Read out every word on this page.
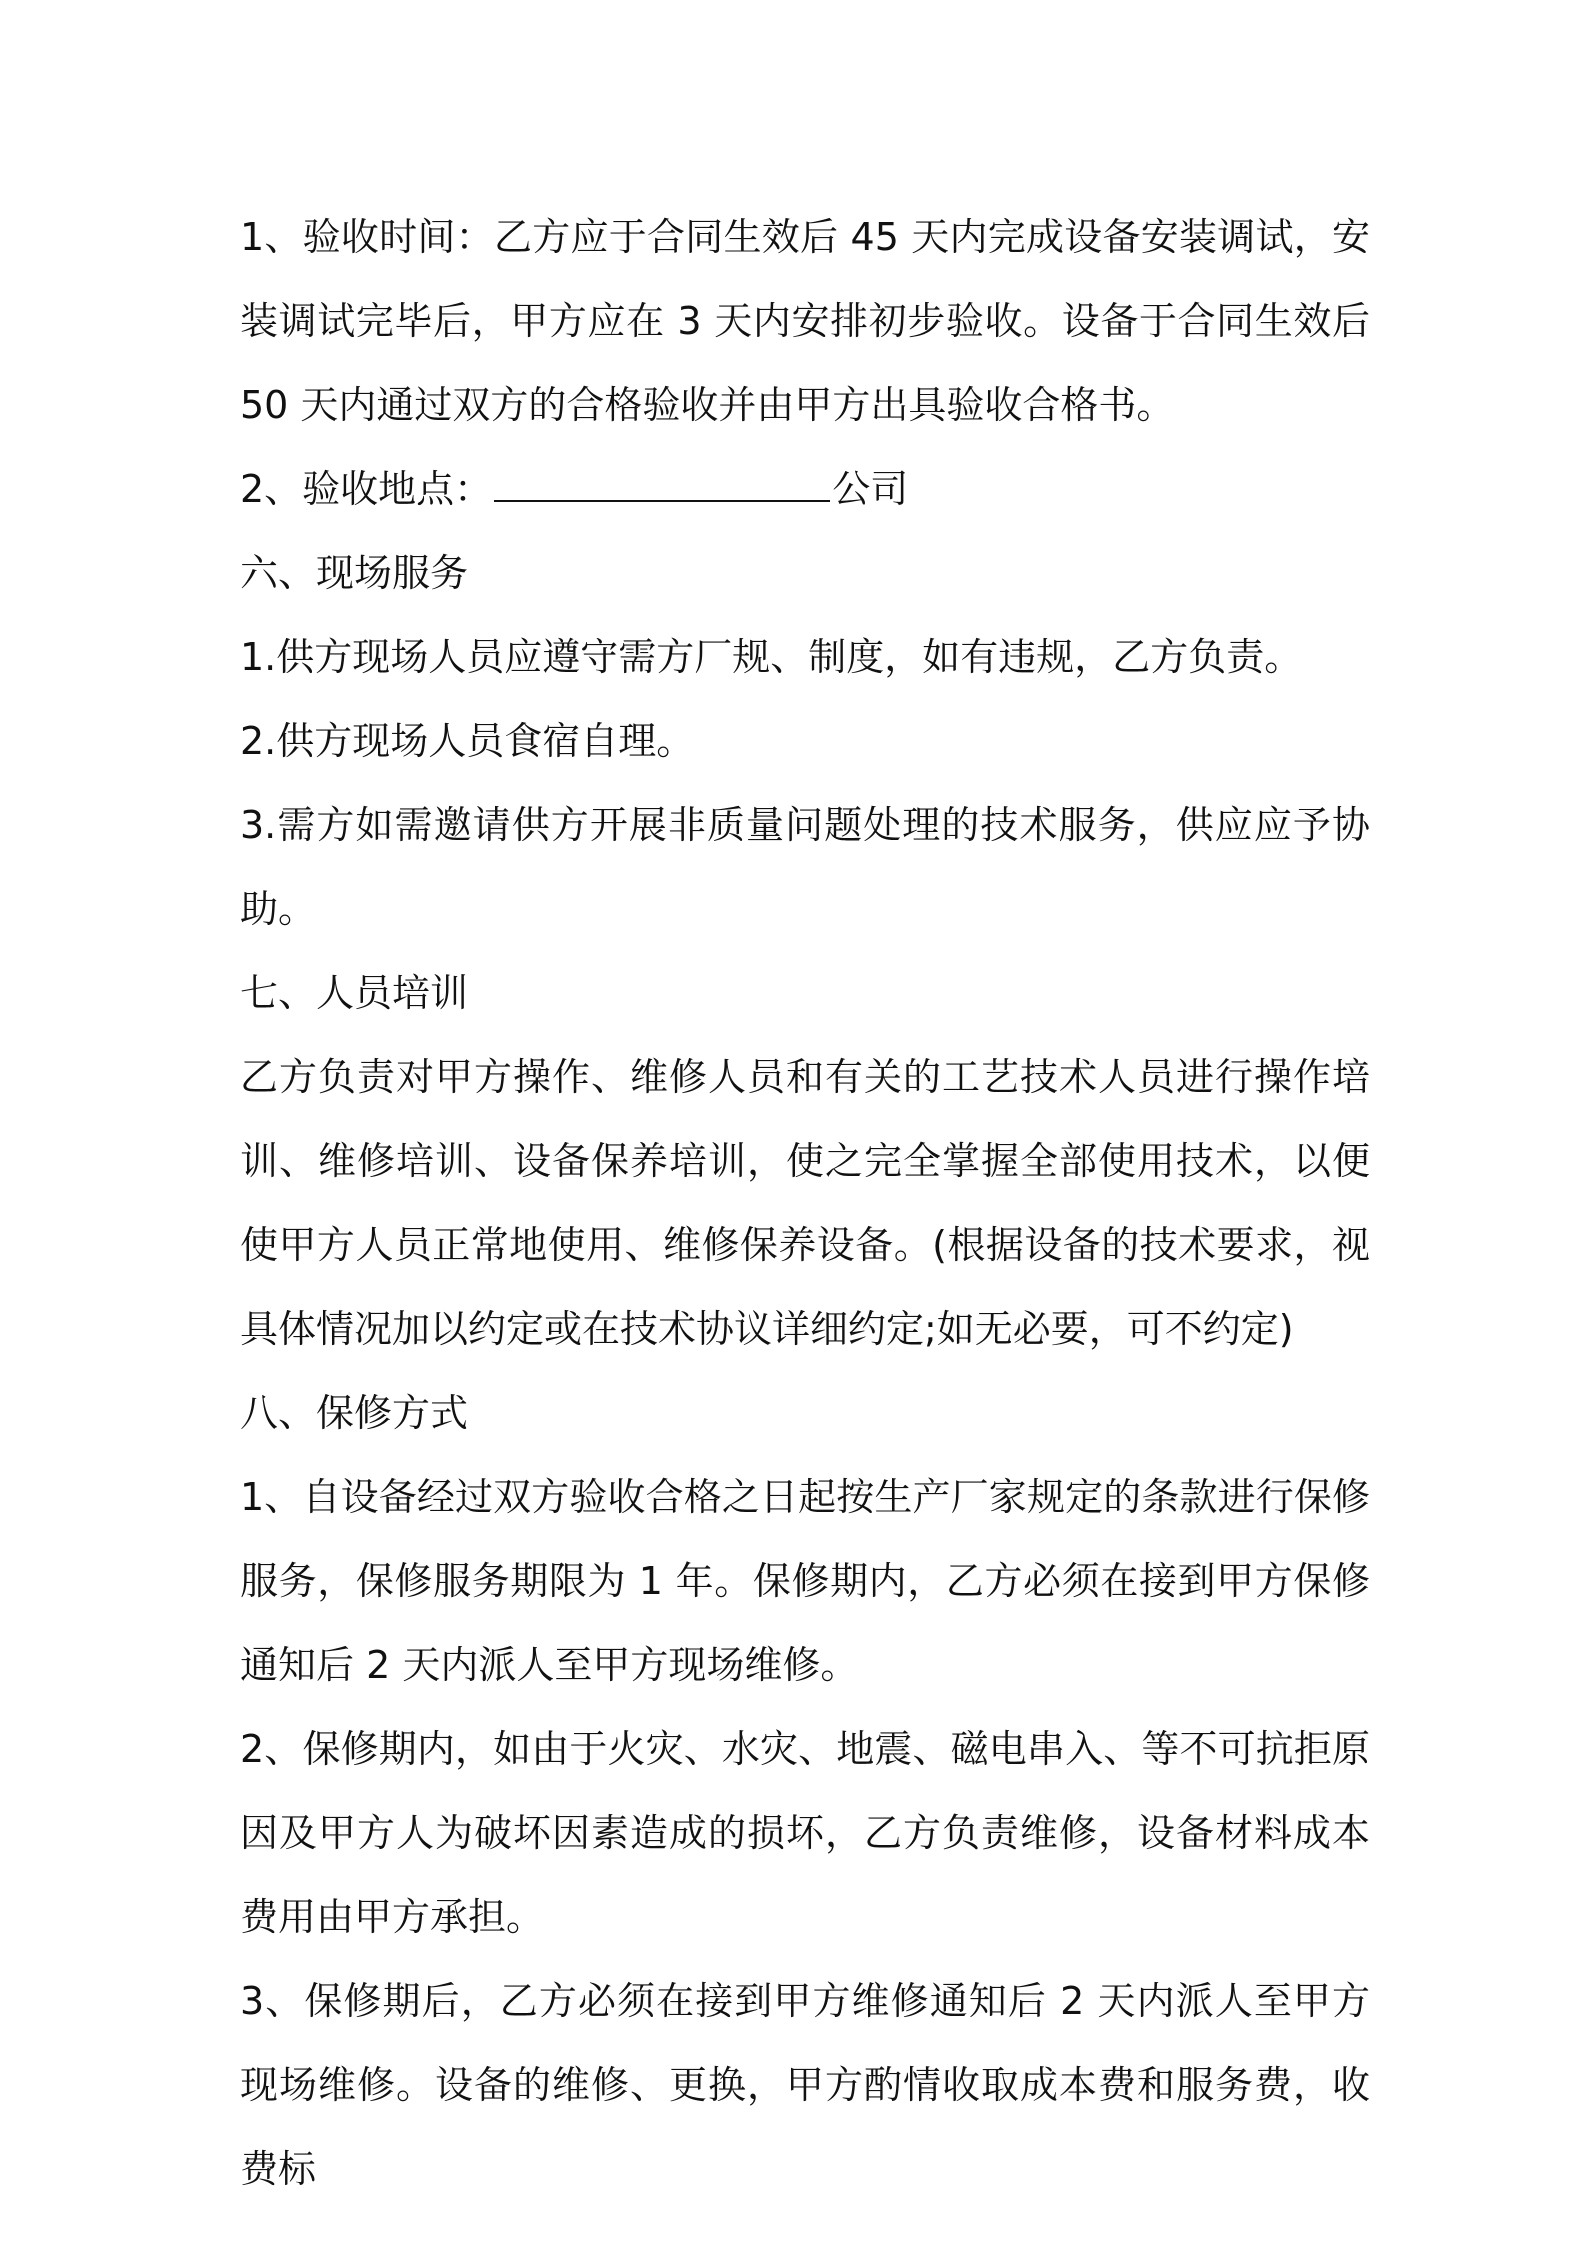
1、验收时间：乙方应于合同生效后 45 天内完成设备安装调试，安装调试完毕后，甲方应在 3 天内安排初步验收。设备于合同生效后 50 天内通过双方的合格验收并由甲方出具验收合格书。

2、验收地点：	公司

六、现场服务

1.供方现场人员应遵守需方厂规、制度，如有违规，乙方负责。

2.供方现场人员食宿自理。

3.需方如需邀请供方开展非质量问题处理的技术服务，供应应予协助。

七、人员培训

乙方负责对甲方操作、维修人员和有关的工艺技术人员进行操作培训、维修培训、设备保养培训，使之完全掌握全部使用技术，以便使甲方人员正常地使用、维修保养设备。(根据设备的技术要求，视具体情况加以约定或在技术协议详细约定;如无必要，可不约定)

八、保修方式

1、自设备经过双方验收合格之日起按生产厂家规定的条款进行保修服务，保修服务期限为 1 年。保修期内，乙方必须在接到甲方保修通知后 2 天内派人至甲方现场维修。

2、保修期内，如由于火灾、水灾、地震、磁电串入、等不可抗拒原因及甲方人为破坏因素造成的损坏，乙方负责维修，设备材料成本费用由甲方承担。

3、保修期后，乙方必须在接到甲方维修通知后 2 天内派人至甲方现场维修。设备的维修、更换，甲方酌情收取成本费和服务费，收费标
